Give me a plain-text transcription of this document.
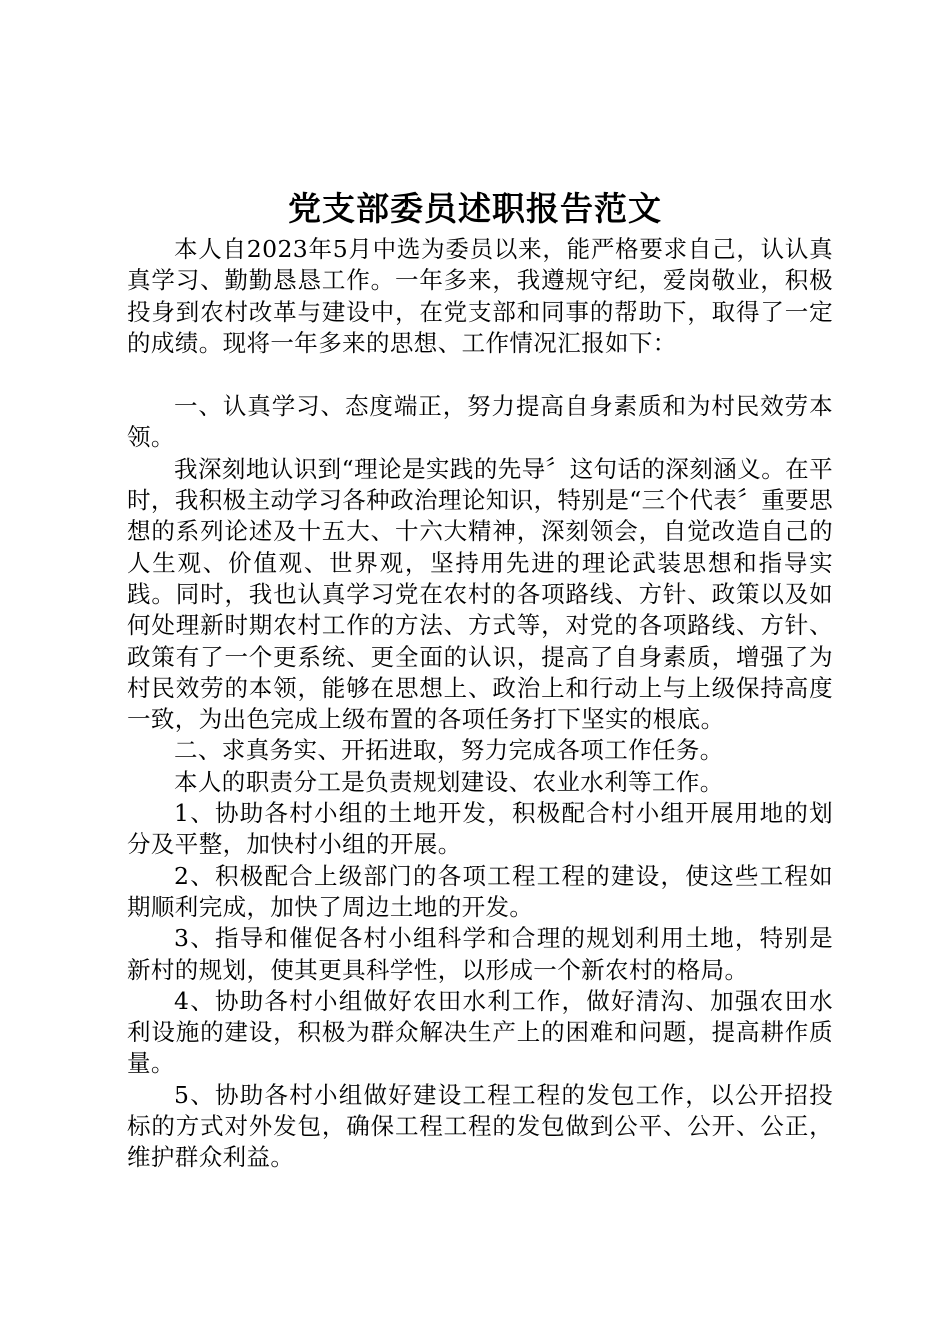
党支部委员述职报告范文

本人自2023年5月中选为委员以来，能严格要求自己，认认真真学习、勤勤恳恳工作。一年多来，我遵规守纪，爱岗敬业，积极投身到农村改革与建设中，在党支部和同事的帮助下，取得了一定的成绩。现将一年多来的思想、工作情况汇报如下：

一、认真学习、态度端正，努力提高自身素质和为村民效劳本领。

我深刻地认识到“理论是实践的先导〞这句话的深刻涵义。在平时，我积极主动学习各种政治理论知识，特别是“三个代表〞重要思想的系列论述及十五大、十六大精神，深刻领会，自觉改造自己的人生观、价值观、世界观，坚持用先进的理论武装思想和指导实践。同时，我也认真学习党在农村的各项路线、方针、政策以及如何处理新时期农村工作的方法、方式等，对党的各项路线、方针、政策有了一个更系统、更全面的认识，提高了自身素质，增强了为村民效劳的本领，能够在思想上、政治上和行动上与上级保持高度一致，为出色完成上级布置的各项任务打下坚实的根底。

二、求真务实、开拓进取，努力完成各项工作任务。

本人的职责分工是负责规划建设、农业水利等工作。

1、协助各村小组的土地开发，积极配合村小组开展用地的划分及平整，加快村小组的开展。

2、积极配合上级部门的各项工程工程的建设，使这些工程如期顺利完成，加快了周边土地的开发。

3、指导和催促各村小组科学和合理的规划利用土地，特别是新村的规划，使其更具科学性，以形成一个新农村的格局。

4、协助各村小组做好农田水利工作，做好清沟、加强农田水利设施的建设，积极为群众解决生产上的困难和问题，提高耕作质量。

5、协助各村小组做好建设工程工程的发包工作，以公开招投标的方式对外发包，确保工程工程的发包做到公平、公开、公正，维护群众利益。
